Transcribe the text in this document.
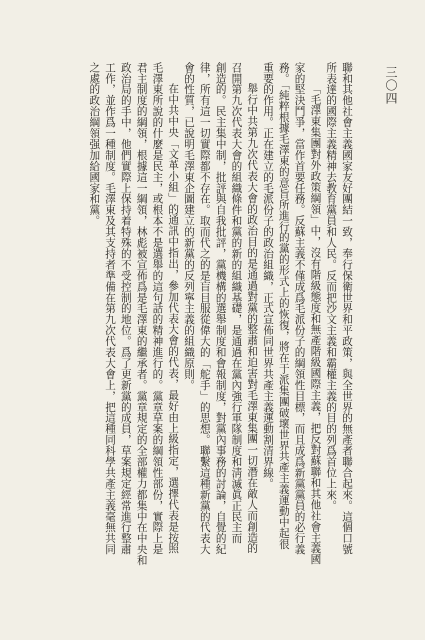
三〇四
聯和其他社會主義國家友好團結一致，奉行保衛世界和平政策，與全世界的無產者聯合起來。這個口號
所表達的國際主義精神去教育黨員和人民。反而把沙文主義和霸權主義的目的列爲首位上來。
「毛澤東集團對外政策綱領」中，沒有階級態度和無產階級國際主義，把反對蘇聯和其他社會主義國
家的堅決鬥爭，當作首要任務。反蘇主義不僅成爲毛派份子的綱領性目標，而且成爲新黨黨員的必行義
務。「純粹根據毛澤東的意旨所進行的黨的形式上的恢復，將在于派集團破壞世界共產主義運動中起很
重要的作用。正在建立的毛派份子的政治組織，正式宣佈同世界共產主義運動割清界線。
舉行中共第九次代表大會的政治目的是通過對黨的整肅和迫害對毛澤東集團一切潛在敵人而創造的
召開第九次代表大會的組織條件和黨的新的組織基礎，是通過在黨內強行軍隊制度和淸滅眞正民主而
創造的。民主集中制，批評與自我批評，黨機構的選舉制度和會報制度，對黨內事務的討論，自覺的紀
律，所有這一切實際都不存在。取而代之的是盲目服從偉大的「舵手」的思想。聯繫這種新黨的代表大
會的性質，已說明毛澤東企圖建立的新黨的反列寧主義的組織原則。
在中共中央「文革小組」的通訊中指出，參加代表大會的代表，最好由上級指定，選擇代表是按照
毛澤東所說的什麼是民主，或根本不是選舉的這句話的精神進行的。黨章草案的綱領性部份，實際上是
君主制度的綱領，根據這一綱領，林彪被宣佈爲是毛澤東的繼承者。黨章規定的全部權力都集中在中央和
政治局的手中，他們實際上保持着特殊的不受控制的地位。爲了更新黨的成員，草案規定經常進行整肅
工作，並作爲一種制度。毛澤東及其支持者準備在第九次代表大會上，把這種同科學共產主義毫無共同
之處的政治綱領强加給國家和黨。
